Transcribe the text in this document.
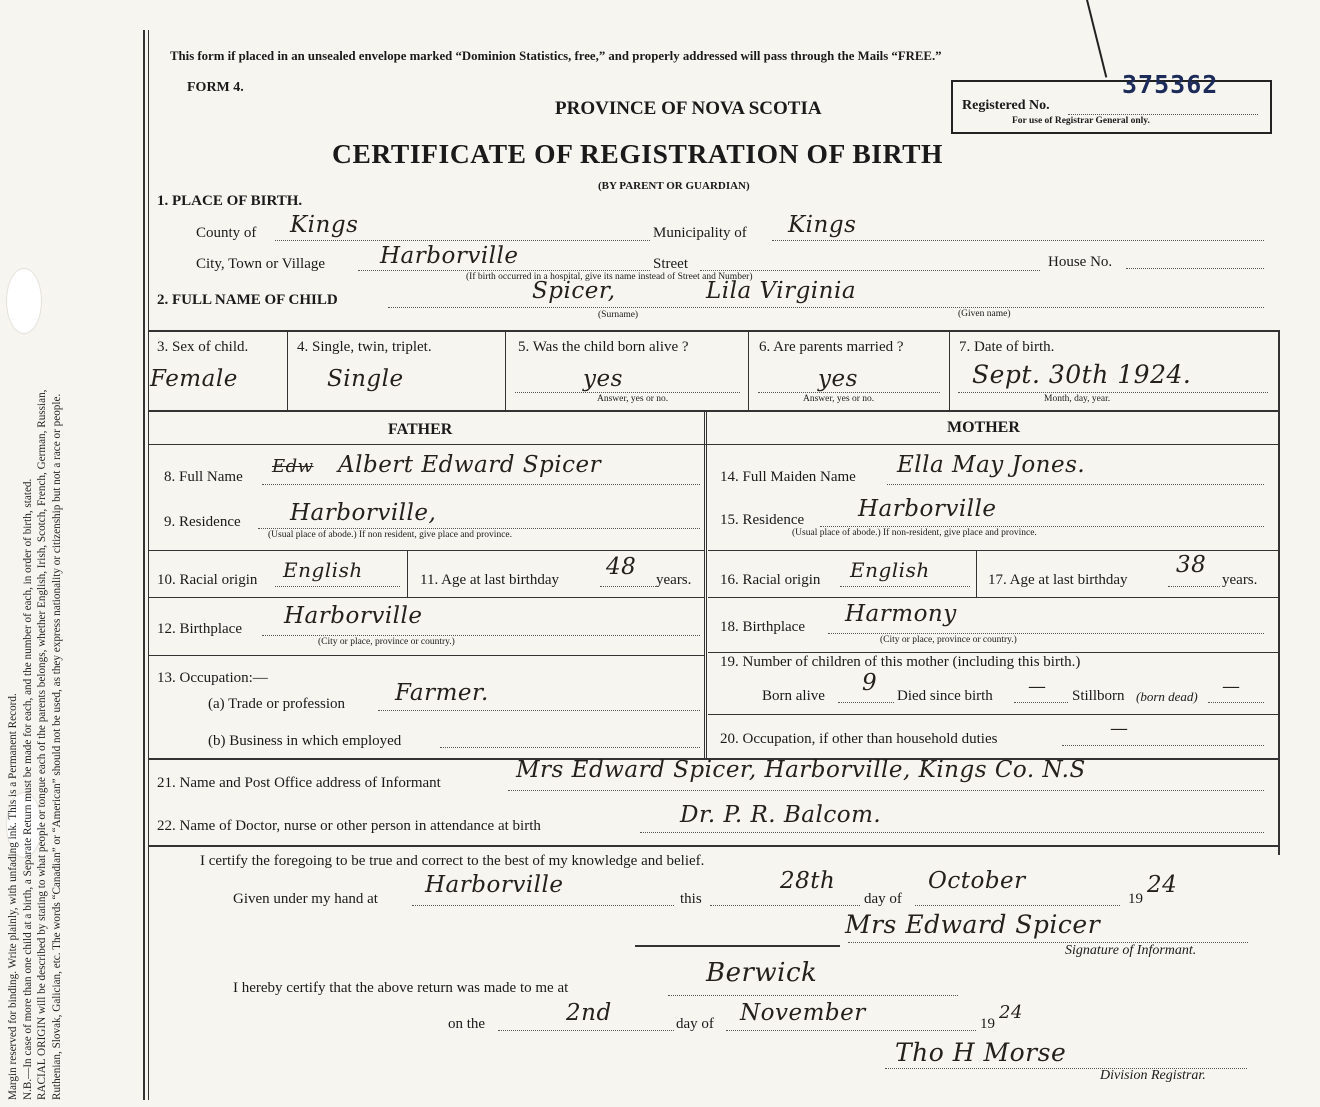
Margin reserved for binding. Write plainly, with unfading ink. This is a Permanent Record. N.B.—In case of more than one child at a birth, a Separate Return must be made for each, and the number of each, in order of birth, stated. RACIAL ORIGIN will be described by stating to what people or tongue each of the parents belongs, whether English, Irish, Scotch, French, German, Russian, Ruthenian, Slovak, Galician, etc. The words “Canadian” or “American” should not be used, as they express nationality or citizenship but not a race or people.

This form if placed in an unsealed envelope marked “Dominion Statistics, free,” and properly addressed will pass through the Mails “FREE.”
FORM 4.
PROVINCE OF NOVA SCOTIA	Registered No.
375362
For use of Registrar General only.
CERTIFICATE OF REGISTRATION OF BIRTH
(BY PARENT OR GUARDIAN)
1. PLACE OF BIRTH.
County of Kings	Municipality of Kings
City, Town or Village Harborville	Street	House No.
(If birth occurred in a hospital, give its name instead of Street and Number)
2. FULL NAME OF CHILD	Spicer,	Lila Virginia
(Surname)	(Given name)
3. Sex of child.
Female
4. Single, twin, triplet.
Single
5. Was the child born alive ?
yes
Answer, yes or no.
6. Are parents married ?
yes
Answer, yes or no.
7. Date of birth.
Sept. 30th 1924.
Month, day, year.
FATHER	MOTHER
8. Full Name Edw Albert Edward Spicer
9. Residence Harborville,
(Usual place of abode.) If non resident, give place and province.
10. Racial origin English	11. Age at last birthday 48 years.
12. Birthplace Harborville
(City or place, province or country.)
13. Occupation:—
(a) Trade or profession Farmer.
(b) Business in which employed
14. Full Maiden Name Ella May Jones.
15. Residence Harborville
(Usual place of abode.) If non-resident, give place and province.
16. Racial origin English	17. Age at last birthday
38
years.
18. Birthplace Harmony
(City or place, province or country.)
19. Number of children of this mother (including this birth.)
Born alive 9 Died since birth — Stillborn (born dead) —
20. Occupation, if other than household duties	—
21. Name and Post Office address of Informant	Mrs Edward Spicer, Harborville, Kings Co. N.S
22. Name of Doctor, nurse or other person in attendance at birth	Dr. P. R. Balcom.
I certify the foregoing to be true and correct to the best of my knowledge and belief.
Given under my hand at
Harborville
this
28th
day of
October
19
24
Mrs Edward Spicer
Signature of Informant.
I hereby certify that the above return was made to me at	Berwick
on the	2nd	day of November	19
24
Tho H Morse
Division Registrar.
